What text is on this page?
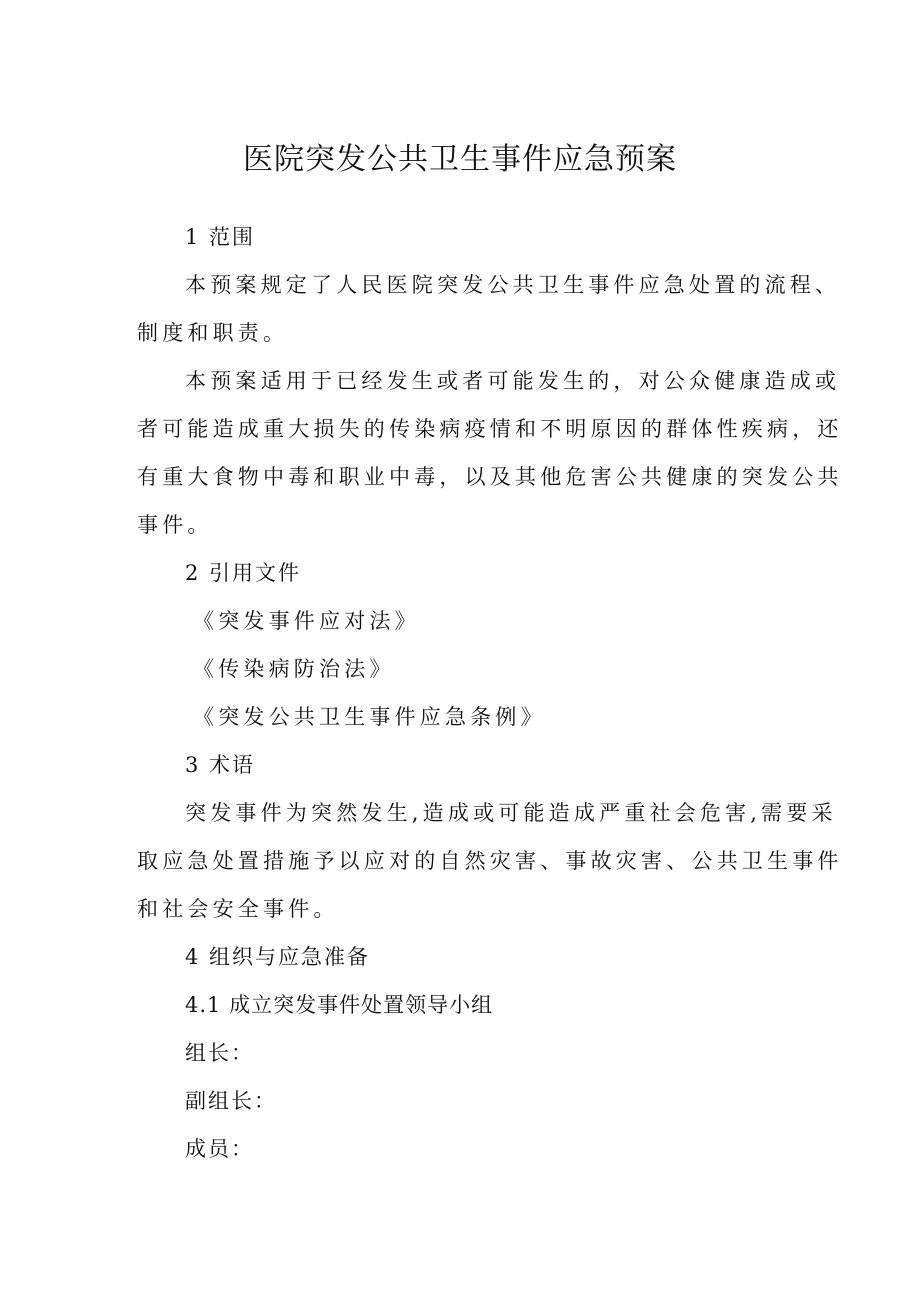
医院突发公共卫生事件应急预案

1 范围

本预案规定了人民医院突发公共卫生事件应急处置的流程、

制度和职责。

本预案适用于已经发生或者可能发生的，对公众健康造成或

者可能造成重大损失的传染病疫情和不明原因的群体性疾病，还

有重大食物中毒和职业中毒，以及其他危害公共健康的突发公共

事件。

2 引用文件

《突发事件应对法》

《传染病防治法》

《突发公共卫生事件应急条例》

3 术语

突发事件为突然发生,造成或可能造成严重社会危害,需要采

取应急处置措施予以应对的自然灾害、事故灾害、公共卫生事件

和社会安全事件。

4 组织与应急准备

4.1 成立突发事件处置领导小组

组长：

副组长：

成员：
